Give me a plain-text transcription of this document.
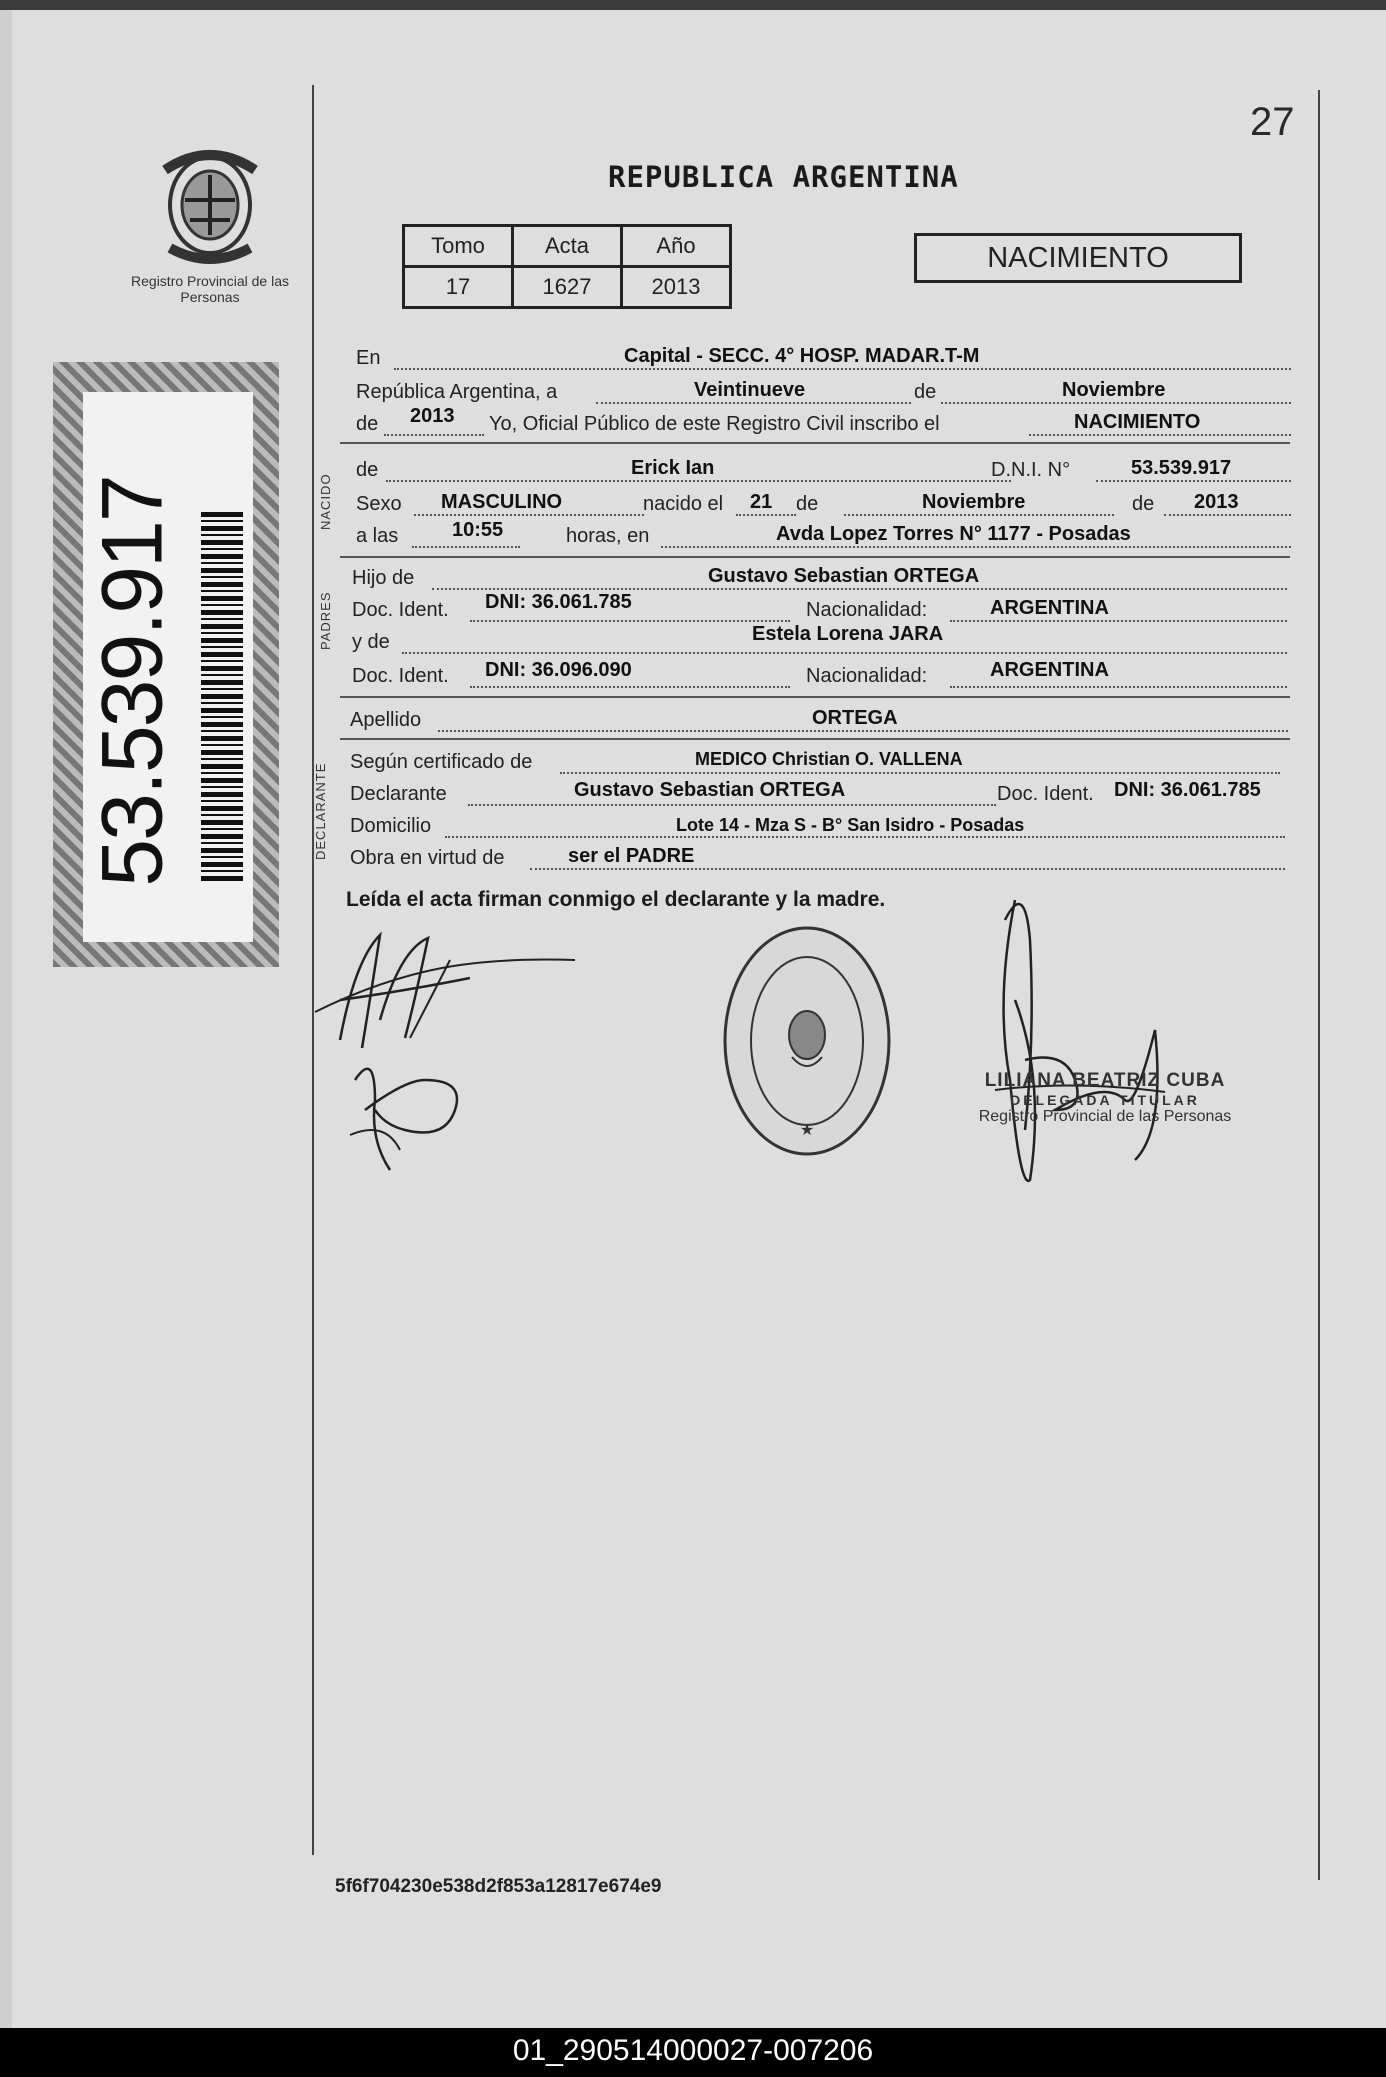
27
REPUBLICA ARGENTINA
Registro Provincial de las Personas
53.539.917
Tomo	Acta	Año
17	1627	2013
NACIMIENTO
NACIDO
PADRES
DECLARANTE
En	Capital - SECC. 4° HOSP. MADAR.T-M
República Argentina, a	Veintinueve	de	Noviembre
de 2013 Yo, Oficial Público de este Registro Civil inscribo el	NACIMIENTO
de	Erick Ian	D.N.I. N°	53.539.917
Sexo MASCULINO	nacido el 21 de	Noviembre	de 2013
a las	10:55	horas, en	Avda Lopez Torres N° 1177 - Posadas
Hijo de	Gustavo Sebastian ORTEGA
Doc. Ident. DNI: 36.061.785	Nacionalidad:	ARGENTINA
y de	Estela Lorena JARA
Doc. Ident. DNI: 36.096.090	Nacionalidad:	ARGENTINA
Apellido	ORTEGA
Según certificado de	MEDICO Christian O. VALLENA
Declarante	Gustavo Sebastian ORTEGA	Doc. Ident. DNI: 36.061.785
Domicilio	Lote 14 - Mza S - B° San Isidro - Posadas
Obra en virtud de	ser el PADRE
Leída el acta firman conmigo el declarante y la madre.
★
LILIANA BEATRIZ CUBA
DELEGADA TITULAR
Registro Provincial de las Personas
5f6f704230e538d2f853a12817e674e9
01_290514000027-007206
